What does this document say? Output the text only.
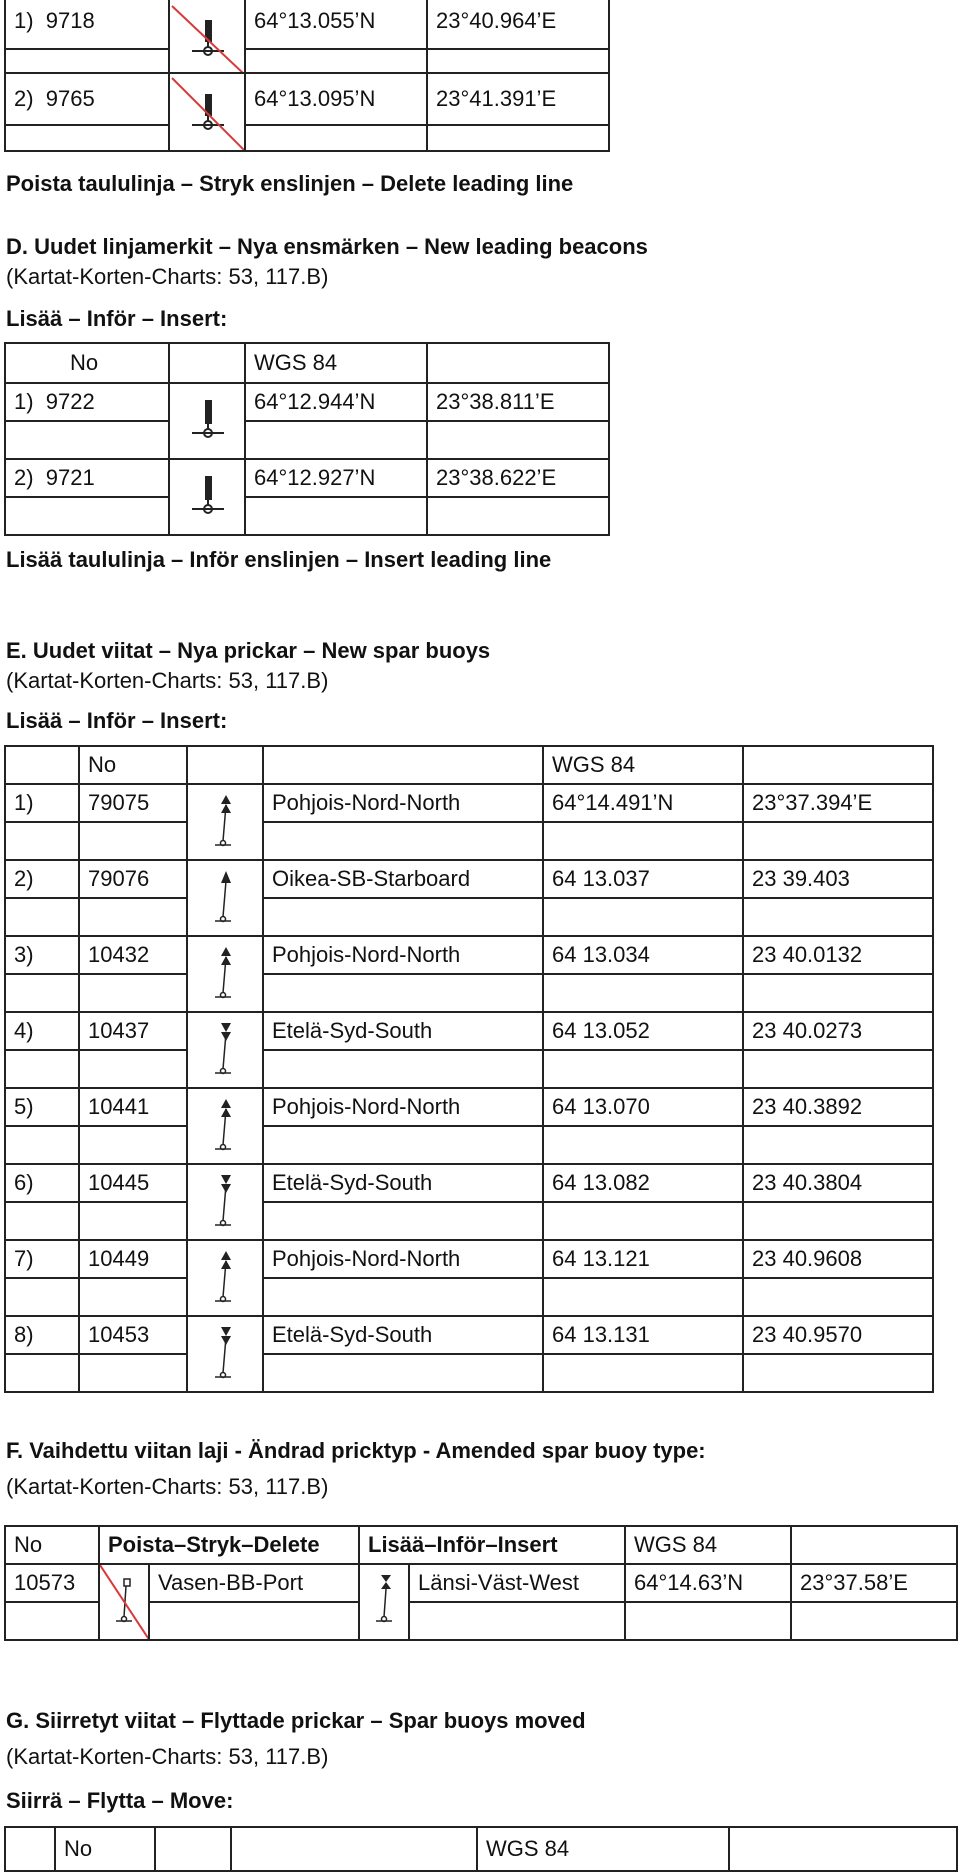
1) 9718		64°13.055’N	23°40.964’E

2) 9765		64°13.095’N	23°41.391’E

Poista taululinja – Stryk enslinjen – Delete leading line
D. Uudet linjamerkit – Nya ensmärken – New leading beacons
(Kartat-Korten-Charts: 53, 117.B)
Lisää – Inför – Insert:
No		WGS 84	
1) 9722		64°12.944’N	23°38.811’E

2) 9721		64°12.927’N	23°38.622’E

Lisää taululinja – Inför enslinjen – Insert leading line
E. Uudet viitat – Nya prickar – New spar buoys
(Kartat-Korten-Charts: 53, 117.B)
Lisää – Inför – Insert:
	No			WGS 84	
1)	79075		Pohjois-Nord-North	64°14.491’N	23°37.394’E

2)	79076		Oikea-SB-Starboard	64 13.037	23 39.403

3)	10432		Pohjois-Nord-North	64 13.034	23 40.0132

4)	10437		Etelä-Syd-South	64 13.052	23 40.0273

5)	10441		Pohjois-Nord-North	64 13.070	23 40.3892

6)	10445		Etelä-Syd-South	64 13.082	23 40.3804

7)	10449		Pohjois-Nord-North	64 13.121	23 40.9608

8)	10453		Etelä-Syd-South	64 13.131	23 40.9570

F. Vaihdettu viitan laji - Ändrad pricktyp - Amended spar buoy type:
(Kartat-Korten-Charts: 53, 117.B)
No	Poista–Stryk–Delete		Lisää–Inför–Insert		WGS 84	
10573		Vasen-BB-Port		Länsi-Väst-West	64°14.63’N	23°37.58’E

G. Siirretyt viitat – Flyttade prickar – Spar buoys moved
(Kartat-Korten-Charts: 53, 117.B)
Siirrä – Flytta – Move:
	No			WGS 84	
